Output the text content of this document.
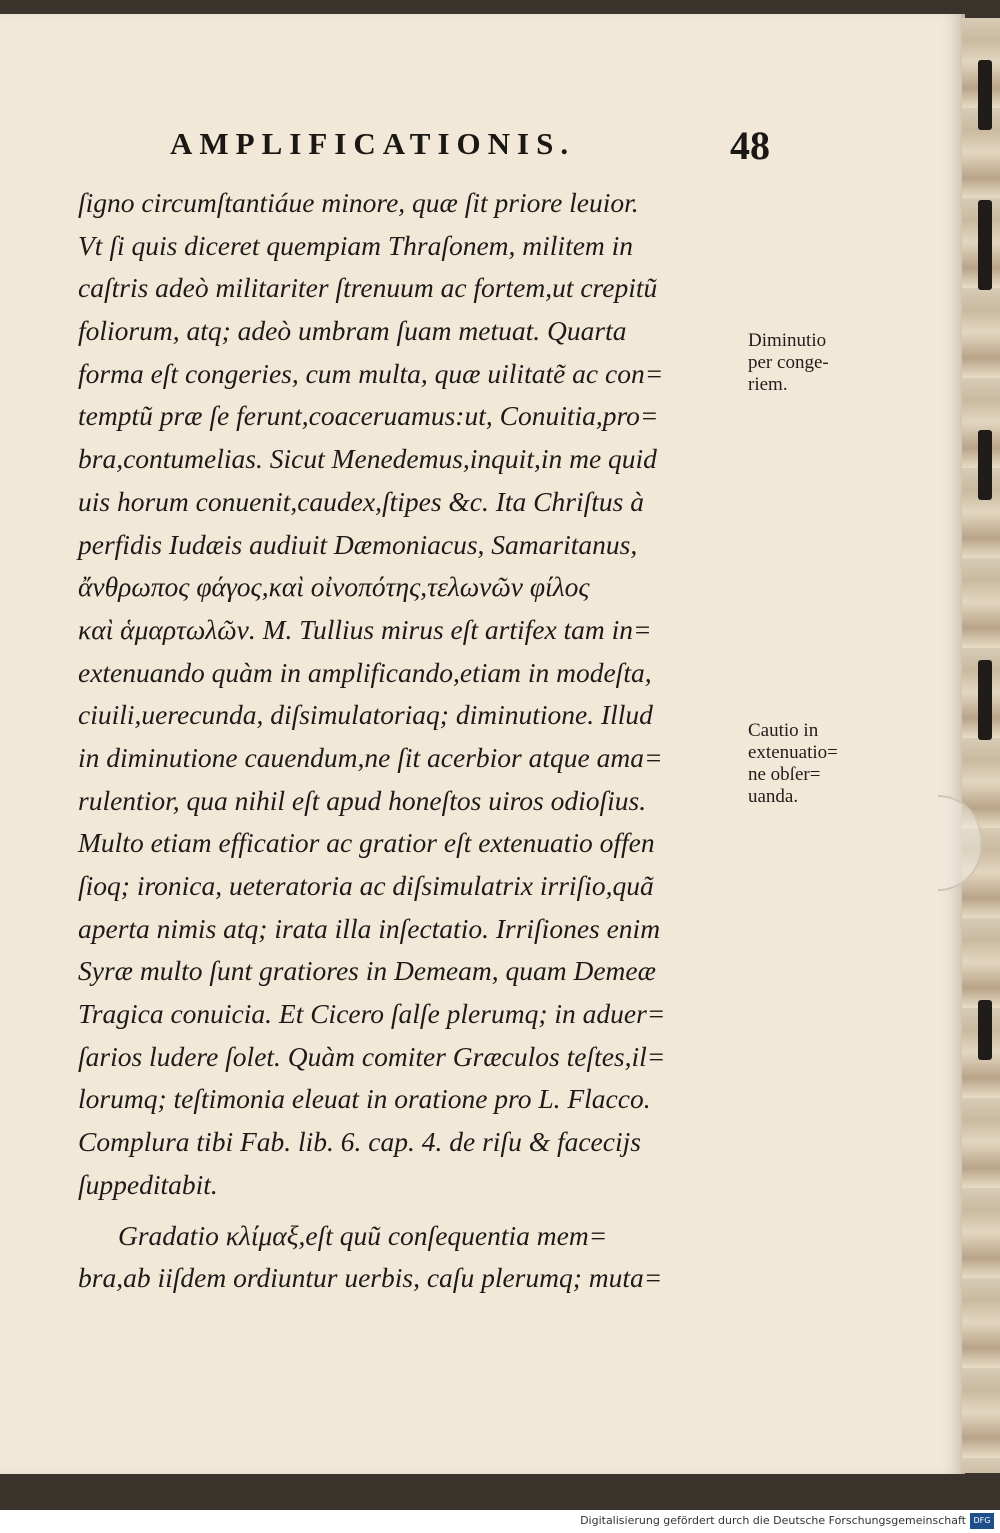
AMPLIFICATIONIS.	48
ſigno circumſtantiáue minore, quæ ſit priore leuior.
Vt ſi quis diceret quempiam Thraſonem, militem in
caſtris adeò militariter ſtrenuum ac fortem,ut crepitũ
foliorum, atq; adeò umbram ſuam metuat. Quarta
forma eſt congeries, cum multa, quæ uilitatẽ ac con=
temptũ præ ſe ferunt,coaceruamus:ut, Conuitia,pro=
bra,contumelias. Sicut Menedemus,inquit,in me quid
uis horum conuenit,caudex,ſtipes &c. Ita Chriſtus à
perfidis Iudæis audiuit Dæmoniacus, Samaritanus,
ἄνθρωπος φάγος,καὶ οἰνοπότης,τελωνῶν φίλος
καὶ ἁμαρτωλῶν. M. Tullius mirus eſt artifex tam in=
extenuando quàm in amplificando,etiam in modeſta,
ciuili,uerecunda, diſsimulatoriaq; diminutione. Illud
in diminutione cauendum,ne ſit acerbior atque ama=
rulentior, qua nihil eſt apud honeſtos uiros odioſius.
Multo etiam efficatior ac gratior eſt extenuatio offen
ſioq; ironica, ueteratoria ac diſsimulatrix irriſio,quã
aperta nimis atq; irata illa inſectatio. Irriſiones enim
Syræ multo ſunt gratiores in Demeam, quam Demeæ
Tragica conuicia. Et Cicero ſalſe plerumq; in aduer=
ſarios ludere ſolet. Quàm comiter Græculos teſtes,il=
lorumq; teſtimonia eleuat in oratione pro L. Flacco.
Complura tibi Fab. lib. 6. cap. 4. de riſu & facecijs
ſuppeditabit.
Gradatio κλίμαξ,eſt quũ conſequentia mem=
bra,ab iiſdem ordiuntur uerbis, caſu plerumq; muta=
Diminutio
per conge-
riem.
Cautio in
extenuatio=
ne obſer=
uanda.
Digitalisierung gefördert durch die Deutsche Forschungsgemeinschaft DFG
